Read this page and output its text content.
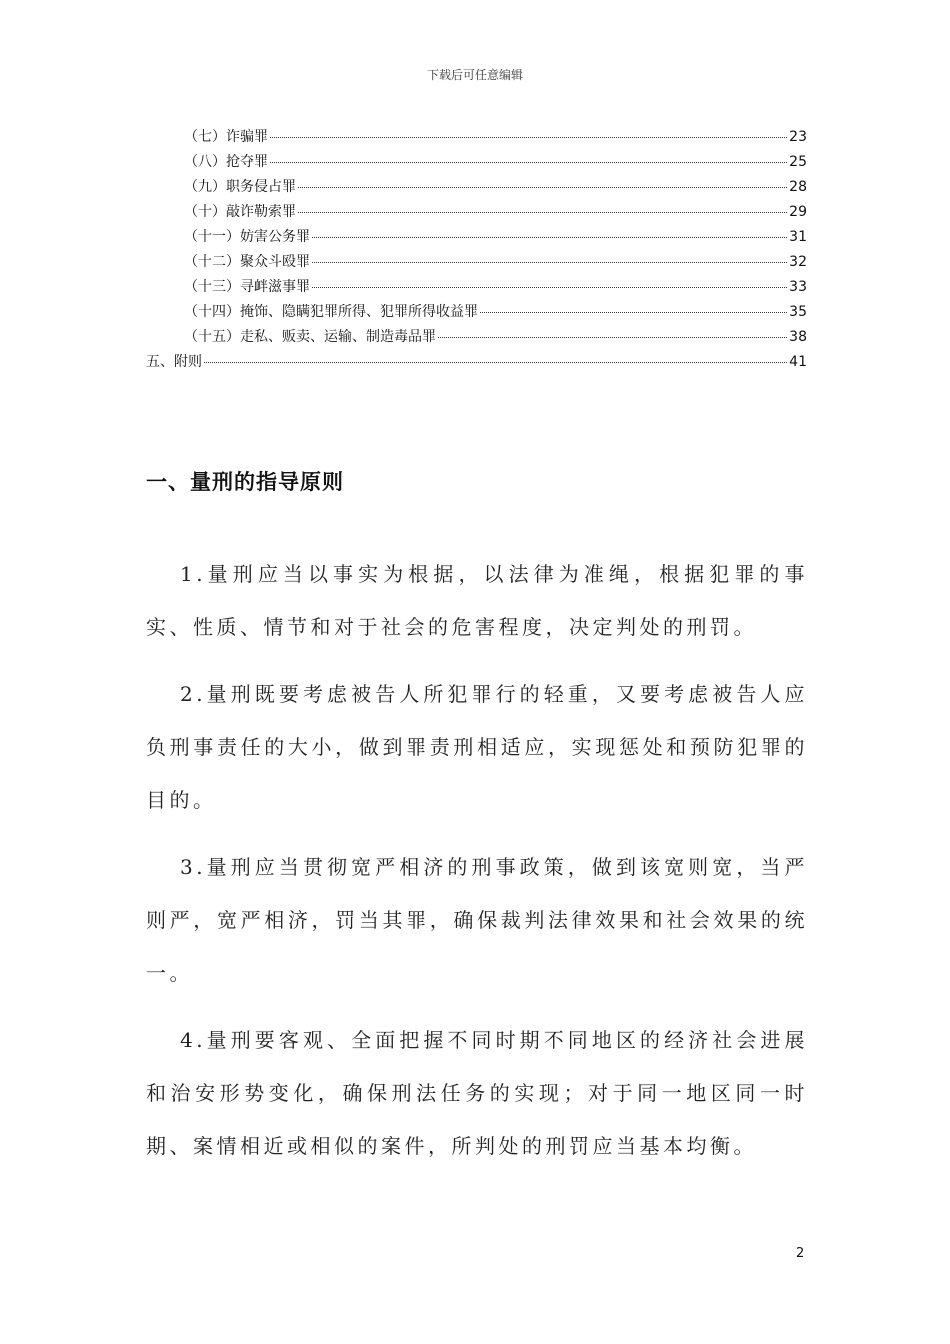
下载后可任意编辑
（七）诈骗罪	23
（八）抢夺罪	25
（九）职务侵占罪	28
（十）敲诈勒索罪	29
（十一）妨害公务罪	31
（十二）聚众斗殴罪	32
（十三）寻衅滋事罪	33
（十四）掩饰、隐瞒犯罪所得、犯罪所得收益罪	35
（十五）走私、贩卖、运输、制造毒品罪	38
五、附则	41
一、量刑的指导原则

1.量刑应当以事实为根据，以法律为准绳，根据犯罪的事实、性质、情节和对于社会的危害程度，决定判处的刑罚。

2.量刑既要考虑被告人所犯罪行的轻重，又要考虑被告人应负刑事责任的大小，做到罪责刑相适应，实现惩处和预防犯罪的目的。

3.量刑应当贯彻宽严相济的刑事政策，做到该宽则宽，当严则严，宽严相济，罚当其罪，确保裁判法律效果和社会效果的统一。

4.量刑要客观、全面把握不同时期不同地区的经济社会进展和治安形势变化，确保刑法任务的实现；对于同一地区同一时期、案情相近或相似的案件，所判处的刑罚应当基本均衡。

2
